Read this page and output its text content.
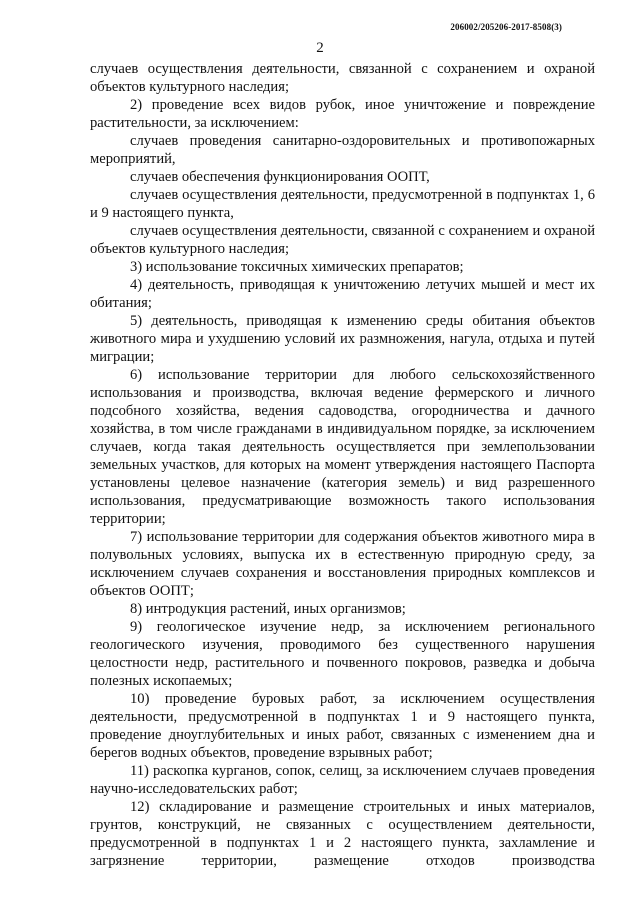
206002/205206-2017-8508(3)
2

случаев осуществления деятельности, связанной с сохранением и охраной объектов культурного наследия;

2) проведение всех видов рубок, иное уничтожение и повреждение растительности, за исключением:

случаев проведения санитарно-оздоровительных и противопожарных мероприятий,

случаев обеспечения функционирования ООПТ,

случаев осуществления деятельности, предусмотренной в подпунктах 1, 6 и 9 настоящего пункта,

случаев осуществления деятельности, связанной с сохранением и охраной объектов культурного наследия;

3) использование токсичных химических препаратов;

4) деятельность, приводящая к уничтожению летучих мышей и мест их обитания;

5) деятельность, приводящая к изменению среды обитания объектов животного мира и ухудшению условий их размножения, нагула, отдыха и путей миграции;

6) использование территории для любого сельскохозяйственного использования и производства, включая ведение фермерского и личного подсобного хозяйства, ведения садоводства, огородничества и дачного хозяйства, в том числе гражданами в индивидуальном порядке, за исключением случаев, когда такая деятельность осуществляется при землепользовании земельных участков, для которых на момент утверждения настоящего Паспорта установлены целевое назначение (категория земель) и вид разрешенного использования, предусматривающие возможность такого использования территории;

7) использование территории для содержания объектов животного мира в полувольных условиях, выпуска их в естественную природную среду, за исключением случаев сохранения и восстановления природных комплексов и объектов ООПТ;

8) интродукция растений, иных организмов;

9) геологическое изучение недр, за исключением регионального геологического изучения, проводимого без существенного нарушения целостности недр, растительного и почвенного покровов, разведка и добыча полезных ископаемых;

10) проведение буровых работ, за исключением осуществления деятельности, предусмотренной в подпунктах 1 и 9 настоящего пункта, проведение дноуглубительных и иных работ, связанных с изменением дна и берегов водных объектов, проведение взрывных работ;

11) раскопка курганов, сопок, селищ, за исключением случаев проведения научно-исследовательских работ;

12) складирование и размещение строительных и иных материалов, грунтов, конструкций, не связанных с осуществлением деятельности, предусмотренной в подпунктах 1 и 2 настоящего пункта, захламление и загрязнение территории, размещение отходов производства
